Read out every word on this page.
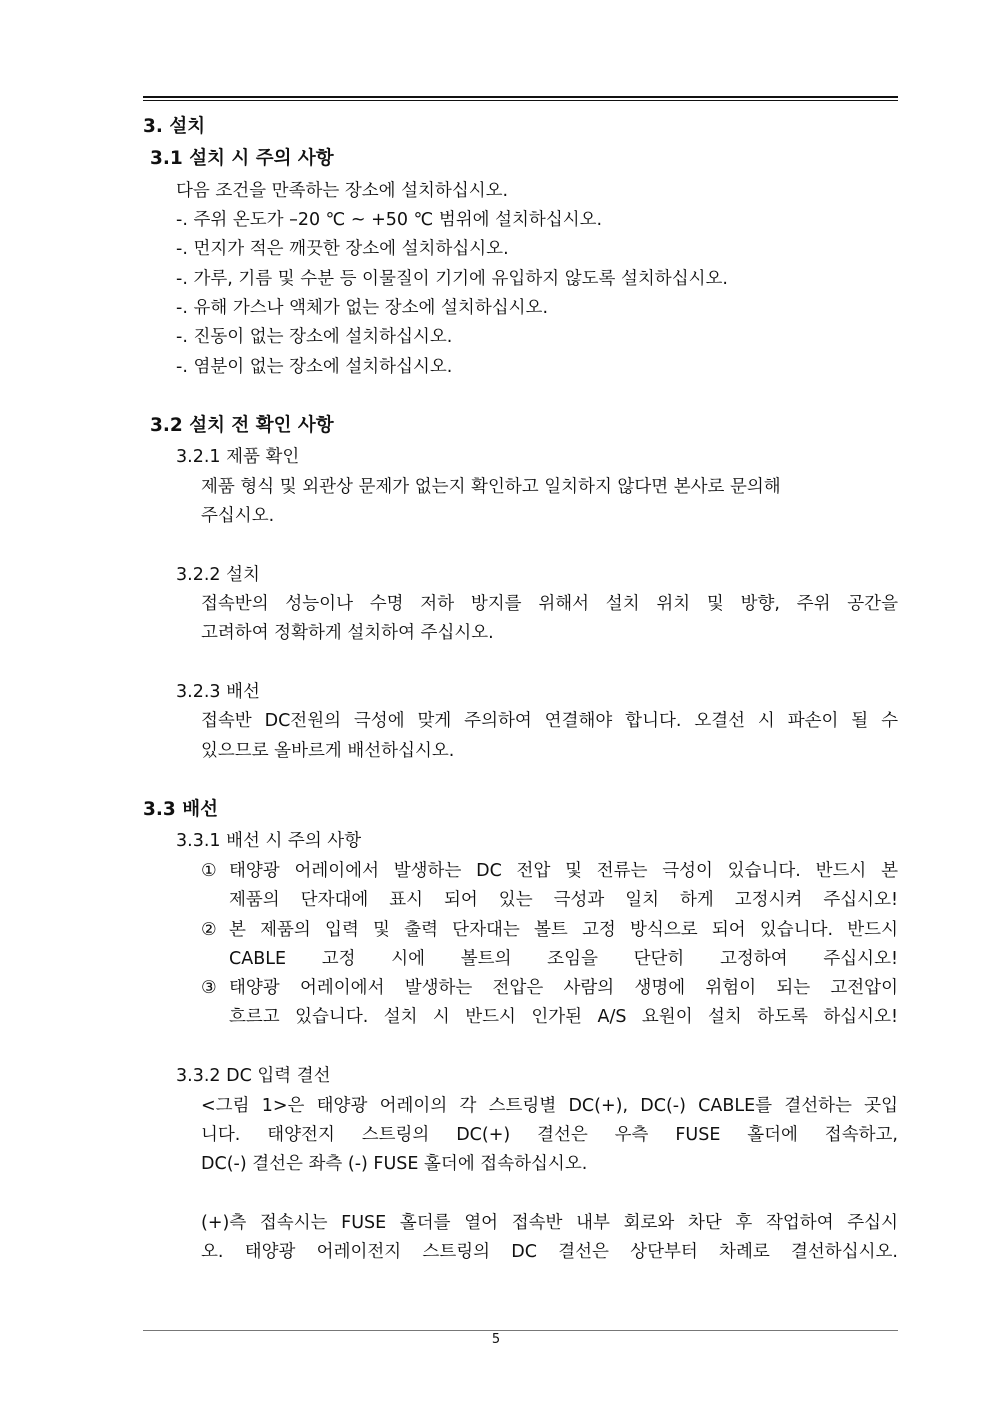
3. 설치
3.1 설치 시 주의 사항
다음 조건을 만족하는 장소에 설치하십시오.
-. 주위 온도가 –20 ℃ ~ +50 ℃ 범위에 설치하십시오.
-. 먼지가 적은 깨끗한 장소에 설치하십시오.
-. 가루, 기름 및 수분 등 이물질이 기기에 유입하지 않도록 설치하십시오.
-. 유해 가스나 액체가 없는 장소에 설치하십시오.
-. 진동이 없는 장소에 설치하십시오.
-. 염분이 없는 장소에 설치하십시오.
3.2 설치 전 확인 사항
3.2.1 제품 확인
제품 형식 및 외관상 문제가 없는지 확인하고 일치하지 않다면 본사로 문의해
주십시오.
3.2.2 설치
접속반의 성능이나 수명 저하 방지를 위해서 설치 위치 및 방향, 주위 공간을
고려하여 정확하게 설치하여 주십시오.
3.2.3 배선
접속반 DC전원의 극성에 맞게 주의하여 연결해야 합니다. 오결선 시 파손이 될 수
있으므로 올바르게 배선하십시오.
3.3 배선
3.3.1 배선 시 주의 사항
① 태양광 어레이에서 발생하는 DC 전압 및 전류는 극성이 있습니다. 반드시 본
제품의 단자대에 표시 되어 있는 극성과 일치 하게 고정시켜 주십시오!
② 본 제품의 입력 및 출력 단자대는 볼트 고정 방식으로 되어 있습니다. 반드시
CABLE 고정 시에 볼트의 조임을 단단히 고정하여 주십시오!
③ 태양광 어레이에서 발생하는 전압은 사람의 생명에 위험이 되는 고전압이
흐르고 있습니다. 설치 시 반드시 인가된 A/S 요원이 설치 하도록 하십시오!
3.3.2 DC 입력 결선
<그림 1>은 태양광 어레이의 각 스트링별 DC(+), DC(-) CABLE를 결선하는 곳입
니다. 태양전지 스트링의 DC(+) 결선은 우측 FUSE 홀더에 접속하고,
DC(-) 결선은 좌측 (-) FUSE 홀더에 접속하십시오.
(+)측 접속시는 FUSE 홀더를 열어 접속반 내부 회로와 차단 후 작업하여 주십시
오. 태양광 어레이전지 스트링의 DC 결선은 상단부터 차례로 결선하십시오.
5
